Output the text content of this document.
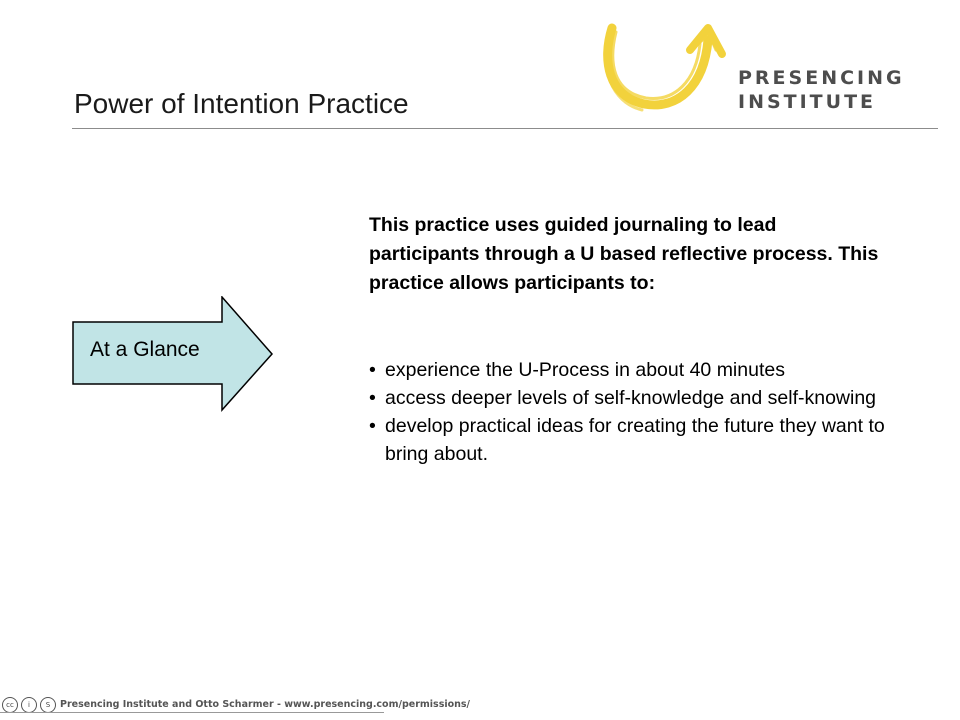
Power of Intention Practice
PRESENCING
INSTITUTE
At a Glance
This practice uses guided journaling to lead participants through a U based reflective process. This practice allows participants to:
• experience the U-Process in about 40 minutes
• access deeper levels of self-knowledge and self-knowing
• develop practical ideas for creating the future they want to bring about.
cc	i	S	Presencing Institute and Otto Scharmer - www.presencing.com/permissions/
